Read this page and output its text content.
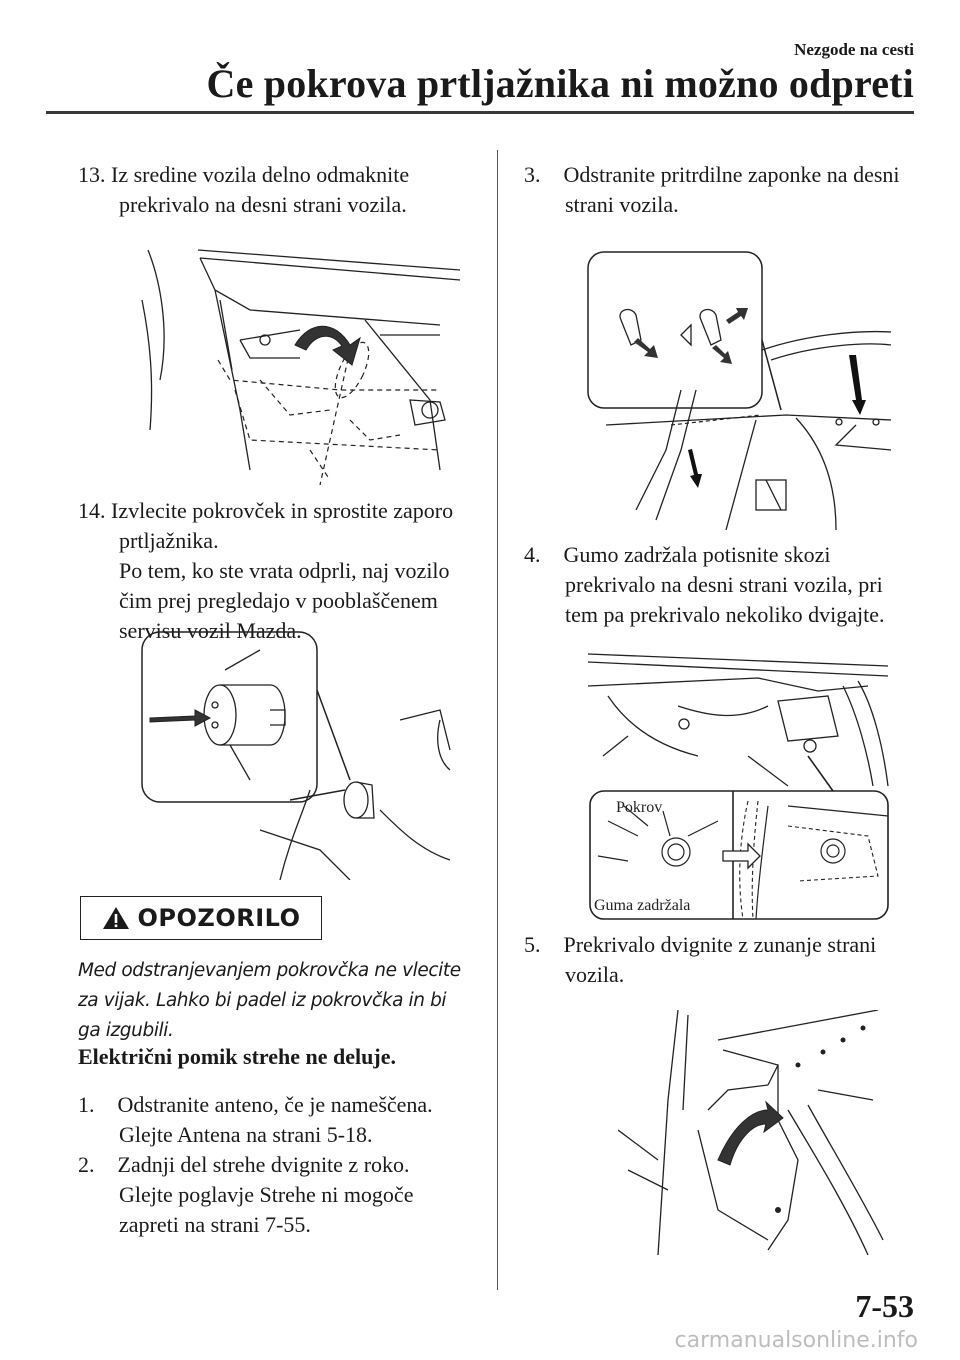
Nezgode na cesti
Če pokrova prtljažnika ni možno odpreti
13. Iz sredine vozila delno odmaknite
prekrivalo na desni strani vozila.
14. Izvlecite pokrovček in sprostite zaporo
prtljažnika.
Po tem, ko ste vrata odprli, naj vozilo
čim prej pregledajo v pooblaščenem
servisu vozil Mazda.
OPOZORILO
Med odstranjevanjem pokrovčka ne vlecite
za vijak. Lahko bi padel iz pokrovčka in bi
ga izgubili.
Električni pomik strehe ne deluje.
1. Odstranite anteno, če je nameščena.
Glejte Antena na strani 5-18.
2. Zadnji del strehe dvignite z roko.
Glejte poglavje Strehe ni mogoče
zapreti na strani 7-55.
3. Odstranite pritrdilne zaponke na desni
strani vozila.
4. Gumo zadržala potisnite skozi
prekrivalo na desni strani vozila, pri
tem pa prekrivalo nekoliko dvigajte.
Pokrov
Guma zadržala
5. Prekrivalo dvignite z zunanje strani
vozila.
7-53
carmanualsonline.info
